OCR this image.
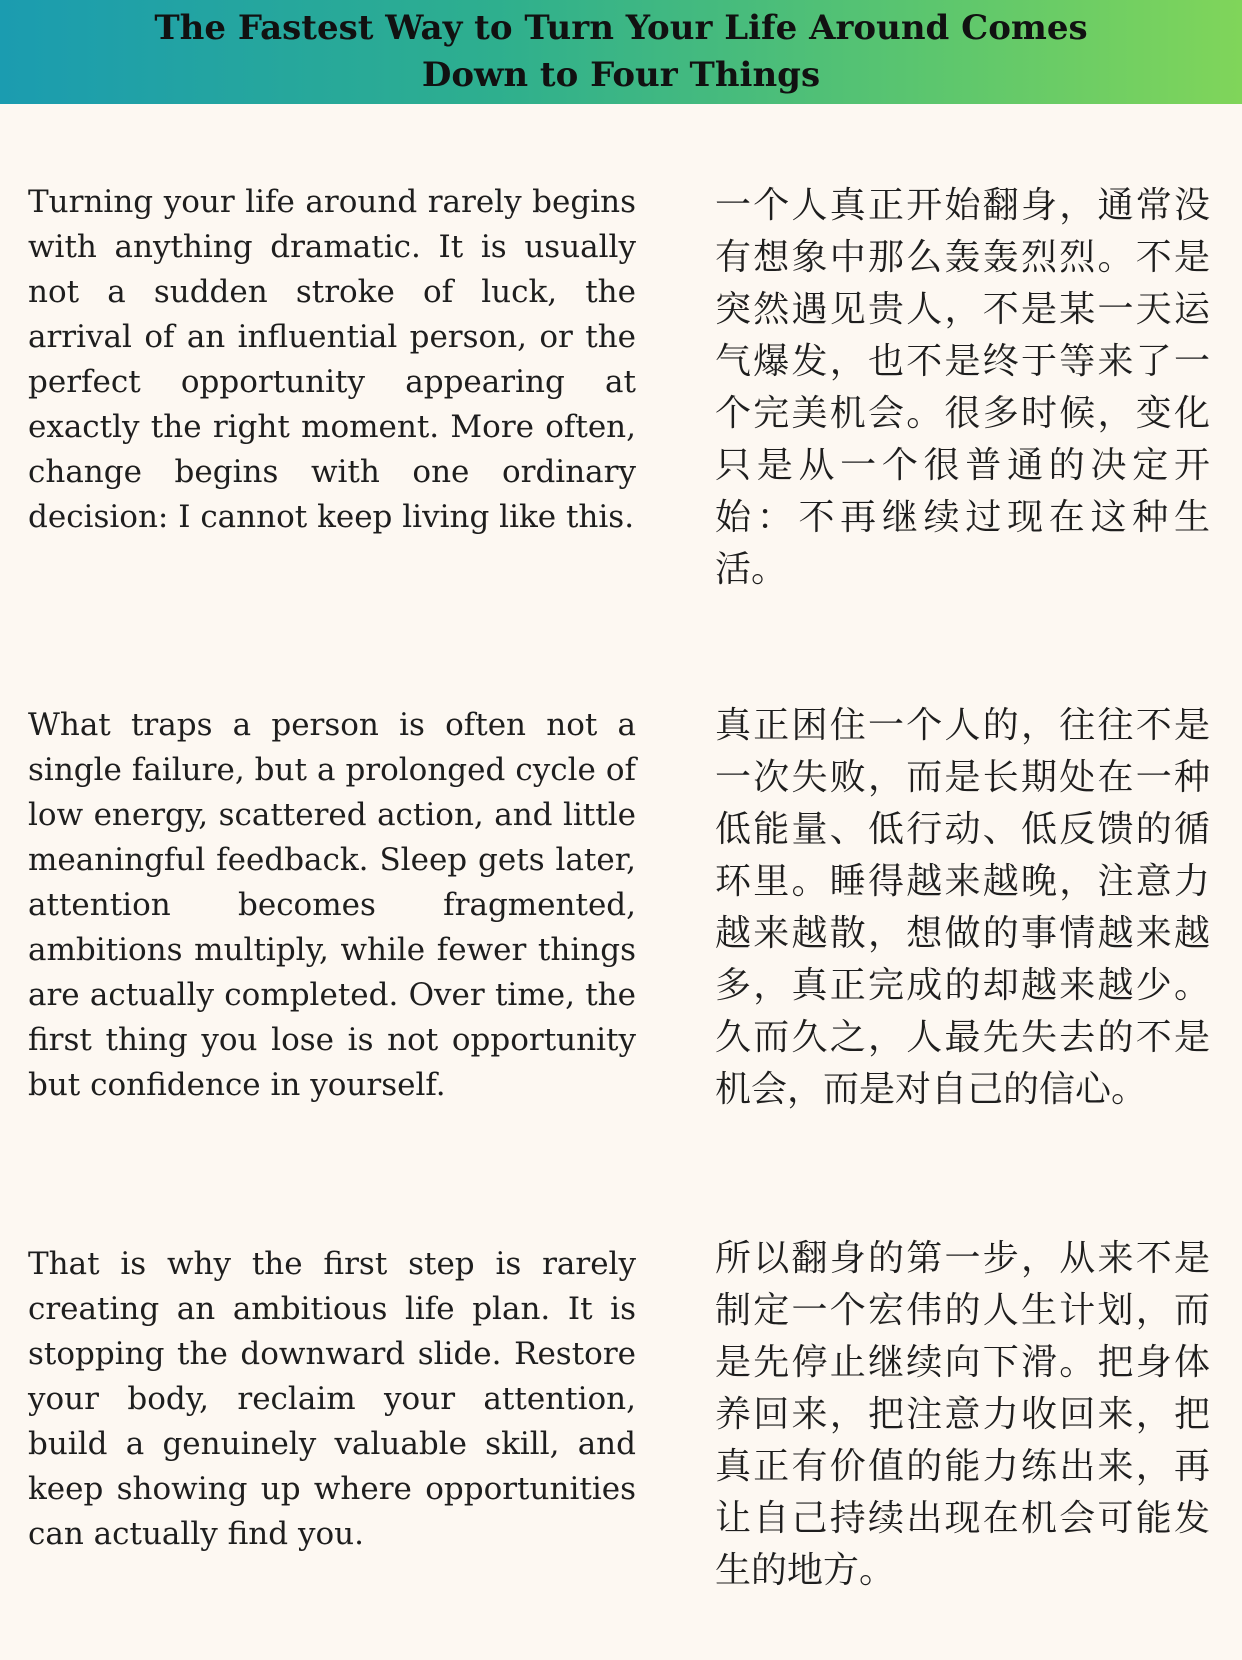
The Fastest Way to Turn Your Life Around Comes Down to Four Things

Turning your life around rarely begins with anything dramatic. It is usually not a sudden stroke of luck, the arrival of an influential person, or the perfect opportunity appearing at exactly the right moment. More often, change begins with one ordinary decision: I cannot keep living like this.

一个人真正开始翻身，通常没有想象中那么轰轰烈烈。不是突然遇见贵人，不是某一天运气爆发，也不是终于等来了一个完美机会。很多时候，变化只是从一个很普通的决定开始：不再继续过现在这种生活。

What traps a person is often not a single failure, but a prolonged cycle of low energy, scattered action, and little meaningful feedback. Sleep gets later, attention becomes fragmented, ambitions multiply, while fewer things are actually completed. Over time, the first thing you lose is not opportunity but confidence in yourself.

真正困住一个人的，往往不是一次失败，而是长期处在一种低能量、低行动、低反馈的循环里。睡得越来越晚，注意力越来越散，想做的事情越来越多，真正完成的却越来越少。久而久之，人最先失去的不是机会，而是对自己的信心。

That is why the first step is rarely creating an ambitious life plan. It is stopping the downward slide. Restore your body, reclaim your attention, build a genuinely valuable skill, and keep showing up where opportunities can actually find you.

所以翻身的第一步，从来不是制定一个宏伟的人生计划，而是先停止继续向下滑。把身体养回来，把注意力收回来，把真正有价值的能力练出来，再让自己持续出现在机会可能发生的地方。
